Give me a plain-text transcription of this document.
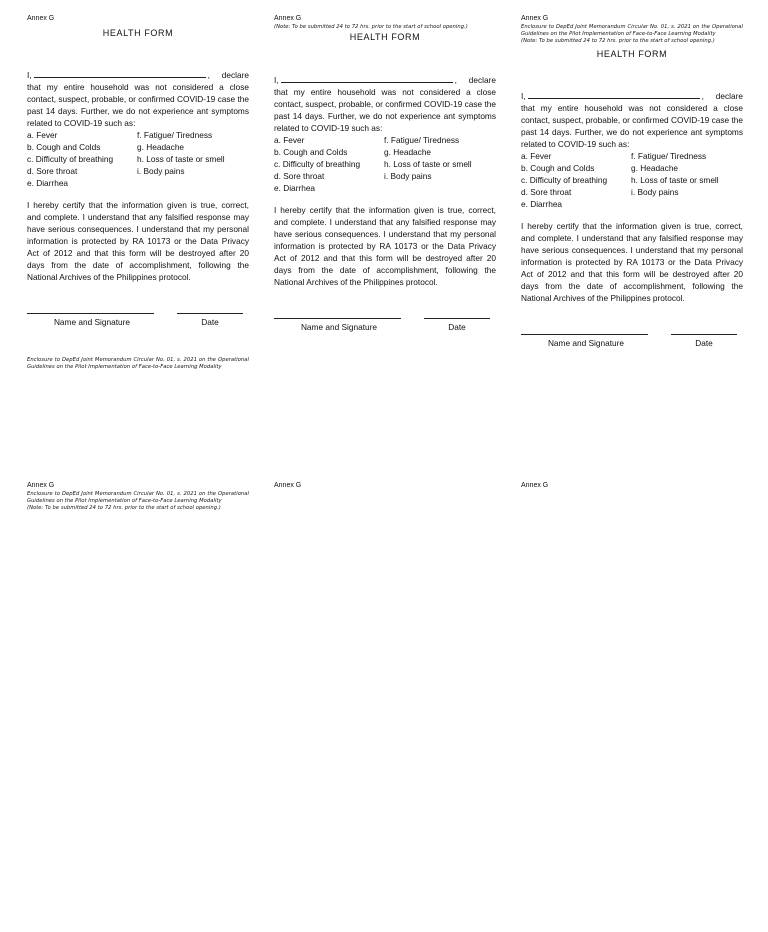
Annex G

HEALTH FORM

I,	, declare that my entire household was not considered a close contact, suspect, probable, or confirmed COVID-19 case the past 14 days. Further, we do not experience ant symptoms related to COVID-19 such as:

a. Fever	f. Fatigue/ Tiredness
b. Cough and Colds	g. Headache
c. Difficulty of breathing	h. Loss of taste or smell
d. Sore throat	i. Body pains
e. Diarrhea

I hereby certify that the information given is true, correct, and complete. I understand that any falsified response may have serious consequences. I understand that my personal information is protected by RA 10173 or the Data Privacy Act of 2012 and that this form will be destroyed after 20 days from the date of accomplishment, following the National Archives of the Philippines protocol.

Name and Signature	Date

Enclosure to DepEd Joint Memorandum Circular No. 01, s. 2021 on the Operational Guidelines on the Pilot Implementation of Face-to-Face Learning Modality

Annex G

(Note: To be submitted 24 to 72 hrs. prior to the start of school opening.)

HEALTH FORM

I,	, declare that my entire household was not considered a close contact, suspect, probable, or confirmed COVID-19 case the past 14 days. Further, we do not experience ant symptoms related to COVID-19 such as:

a. Fever	f. Fatigue/ Tiredness
b. Cough and Colds	g. Headache
c. Difficulty of breathing	h. Loss of taste or smell
d. Sore throat	i. Body pains
e. Diarrhea

I hereby certify that the information given is true, correct, and complete. I understand that any falsified response may have serious consequences. I understand that my personal information is protected by RA 10173 or the Data Privacy Act of 2012 and that this form will be destroyed after 20 days from the date of accomplishment, following the National Archives of the Philippines protocol.

Name and Signature	Date

Annex G

Enclosure to DepEd Joint Memorandum Circular No. 01, s. 2021 on the Operational Guidelines on the Pilot Implementation of Face-to-Face Learning Modality

(Note: To be submitted 24 to 72 hrs. prior to the start of school opening.)

HEALTH FORM

I,	, declare that my entire household was not considered a close contact, suspect, probable, or confirmed COVID-19 case the past 14 days. Further, we do not experience ant symptoms related to COVID-19 such as:

a. Fever	f. Fatigue/ Tiredness
b. Cough and Colds	g. Headache
c. Difficulty of breathing	h. Loss of taste or smell
d. Sore throat	i. Body pains
e. Diarrhea

I hereby certify that the information given is true, correct, and complete. I understand that any falsified response may have serious consequences. I understand that my personal information is protected by RA 10173 or the Data Privacy Act of 2012 and that this form will be destroyed after 20 days from the date of accomplishment, following the National Archives of the Philippines protocol.

Name and Signature	Date

Annex G

Enclosure to DepEd Joint Memorandum Circular No. 01, s. 2021 on the Operational Guidelines on the Pilot Implementation of Face-to-Face Learning Modality

(Note: To be submitted 24 to 72 hrs. prior to the start of school opening.)

Annex G	Annex G
